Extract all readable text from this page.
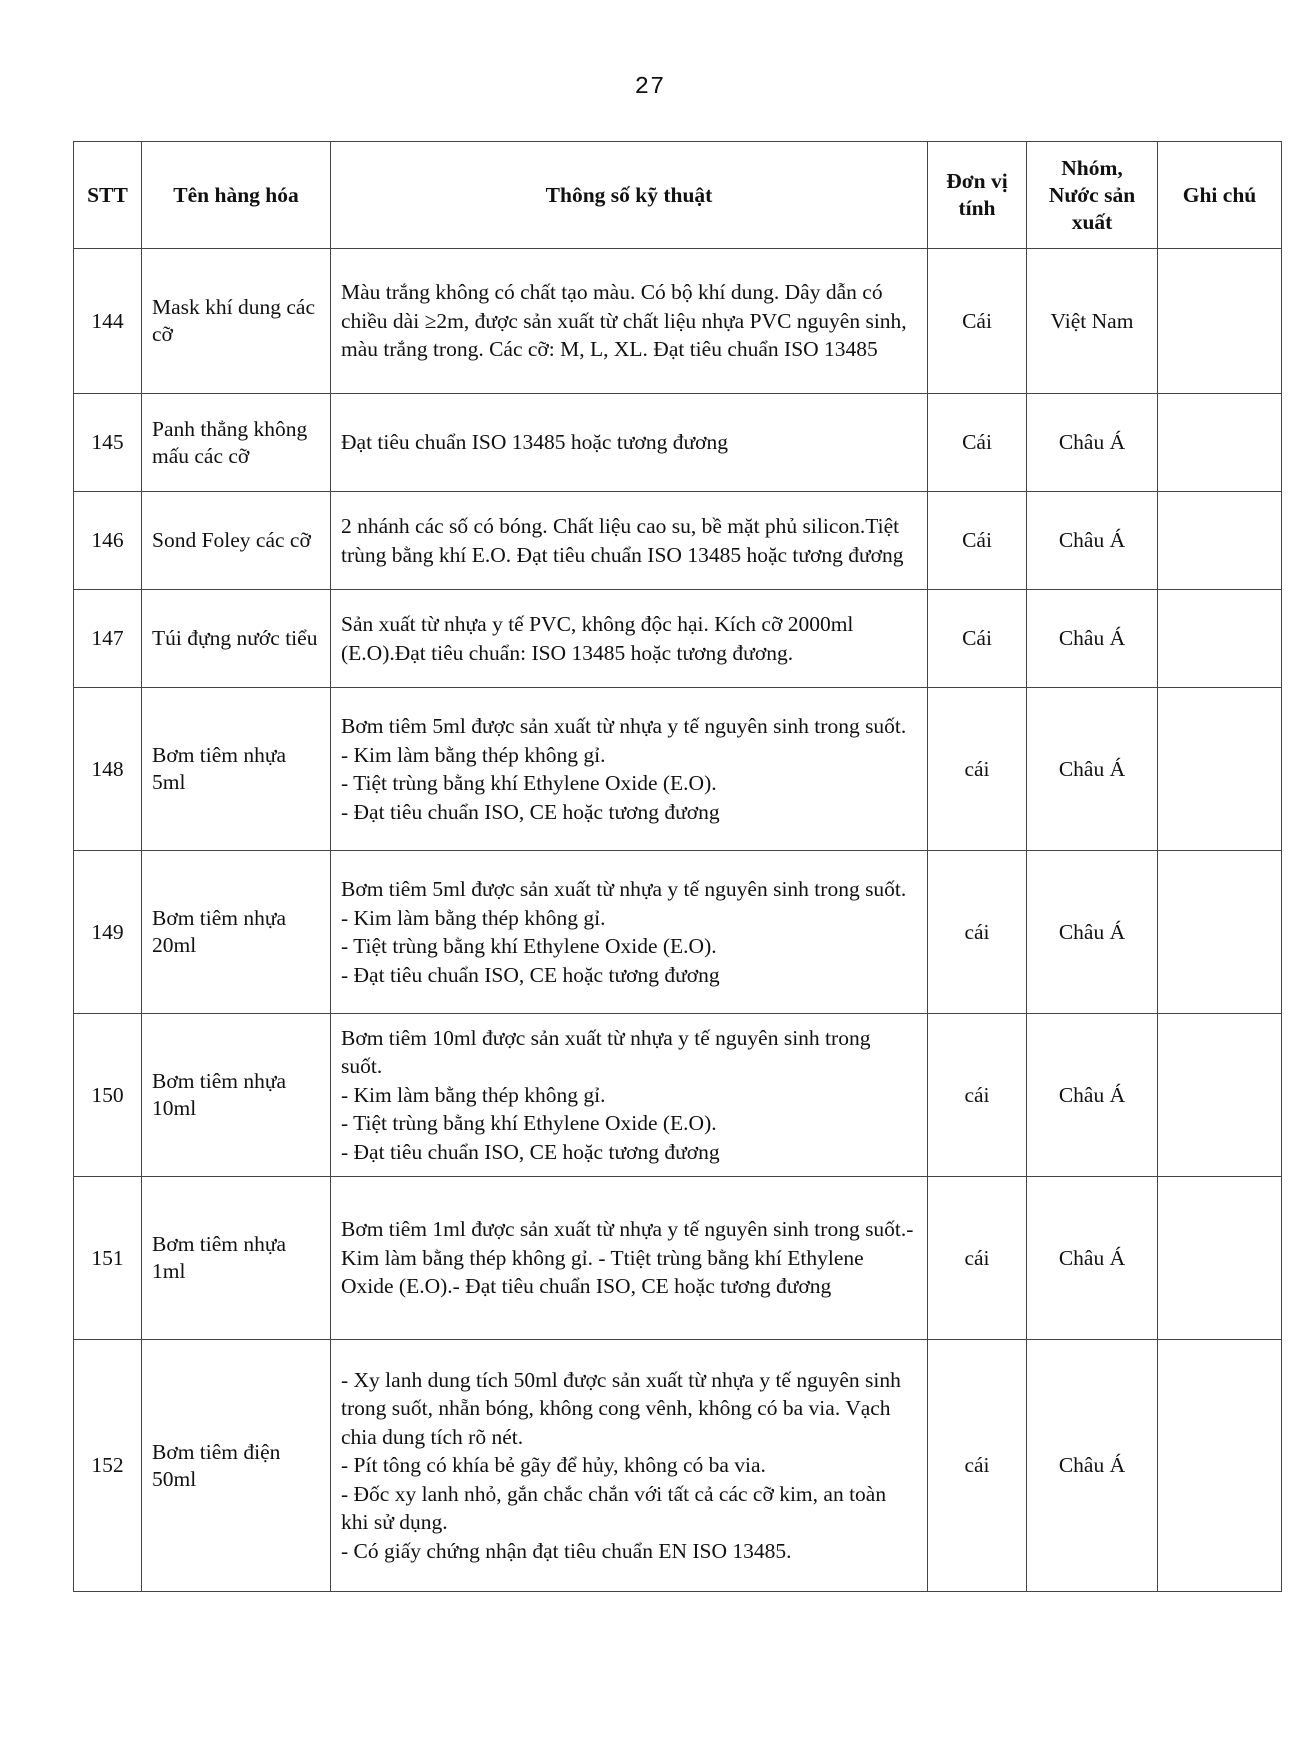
27
STT	Tên hàng hóa	Thông số kỹ thuật	Đơn vị tính	Nhóm, Nước sản xuất	Ghi chú
144	Mask khí dung các cỡ	Màu trắng không có chất tạo màu. Có bộ khí dung. Dây dẫn có chiều dài ≥2m, được sản xuất từ chất liệu nhựa PVC nguyên sinh, màu trắng trong. Các cỡ: M, L, XL. Đạt tiêu chuẩn ISO 13485	Cái	Việt Nam	
145	Panh thẳng không mấu các cỡ	Đạt tiêu chuẩn ISO 13485 hoặc tương đương	Cái	Châu Á	
146	Sond Foley các cỡ	2 nhánh các số có bóng. Chất liệu cao su, bề mặt phủ silicon.Tiệt trùng bằng khí E.O. Đạt tiêu chuẩn ISO 13485 hoặc tương đương	Cái	Châu Á	
147	Túi đựng nước tiểu	Sản xuất từ nhựa y tế PVC, không độc hại. Kích cỡ 2000ml (E.O).Đạt tiêu chuẩn: ISO 13485 hoặc tương đương.	Cái	Châu Á	
148	Bơm tiêm nhựa 5ml	Bơm tiêm 5ml được sản xuất từ nhựa y tế nguyên sinh trong suốt.
- Kim làm bằng thép không gỉ.
- Tiệt trùng bằng khí Ethylene Oxide (E.O).
- Đạt tiêu chuẩn ISO, CE hoặc tương đương	cái	Châu Á	
149	Bơm tiêm nhựa 20ml	Bơm tiêm 5ml được sản xuất từ nhựa y tế nguyên sinh trong suốt.
- Kim làm bằng thép không gỉ.
- Tiệt trùng bằng khí Ethylene Oxide (E.O).
- Đạt tiêu chuẩn ISO, CE hoặc tương đương	cái	Châu Á	
150	Bơm tiêm nhựa 10ml	Bơm tiêm 10ml được sản xuất từ nhựa y tế nguyên sinh trong suốt.
- Kim làm bằng thép không gỉ.
- Tiệt trùng bằng khí Ethylene Oxide (E.O).
- Đạt tiêu chuẩn ISO, CE hoặc tương đương	cái	Châu Á	
151	Bơm tiêm nhựa 1ml	Bơm tiêm 1ml được sản xuất từ nhựa y tế nguyên sinh trong suốt.- Kim làm bằng thép không gỉ. - Ttiệt trùng bằng khí Ethylene Oxide (E.O).- Đạt tiêu chuẩn ISO, CE hoặc tương đương	cái	Châu Á	
152	Bơm tiêm điện 50ml	- Xy lanh dung tích 50ml được sản xuất từ nhựa y tế nguyên sinh trong suốt, nhẵn bóng, không cong vênh, không có ba via. Vạch chia dung tích rõ nét.
- Pít tông có khía bẻ gãy để hủy, không có ba via.
- Đốc xy lanh nhỏ, gắn chắc chắn với tất cả các cỡ kim, an toàn khi sử dụng.
- Có giấy chứng nhận đạt tiêu chuẩn EN ISO 13485.	cái	Châu Á	
